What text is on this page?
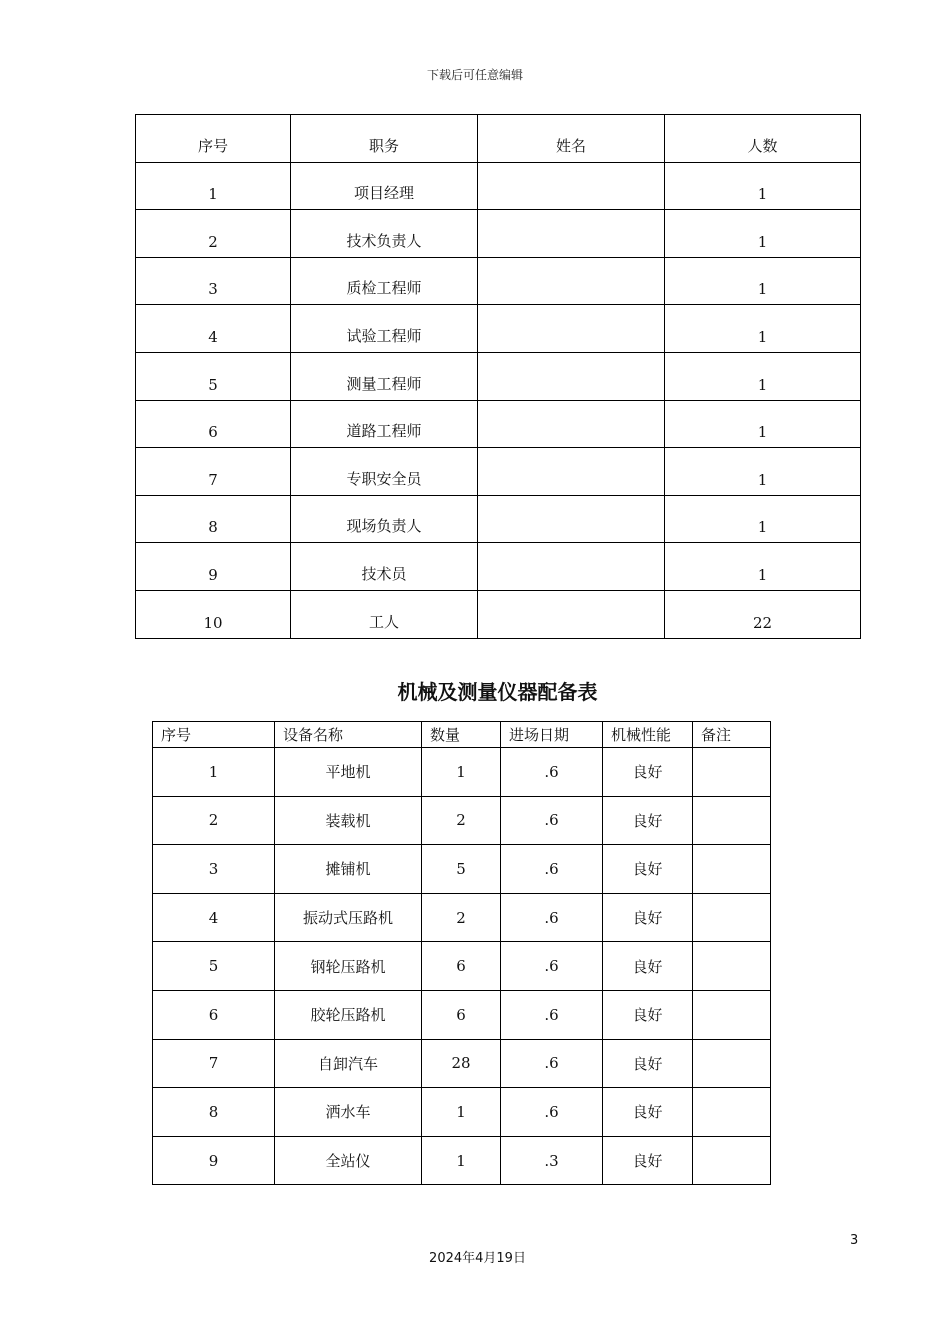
下载后可任意编辑
序号	职务	姓名	人数
1	项目经理		1
2	技术负责人		1
3	质检工程师		1
4	试验工程师		1
5	测量工程师		1
6	道路工程师		1
7	专职安全员		1
8	现场负责人		1
9	技术员		1
10	工人		22
机械及测量仪器配备表
序号	设备名称	数量	进场日期	机械性能	备注
1	平地机	1	.6	良好	
2	装载机	2	.6	良好	
3	摊铺机	5	.6	良好	
4	振动式压路机	2	.6	良好	
5	钢轮压路机	6	.6	良好	
6	胶轮压路机	6	.6	良好	
7	自卸汽车	28	.6	良好	
8	洒水车	1	.6	良好	
9	全站仪	1	.3	良好	
3
2024年4月19日
